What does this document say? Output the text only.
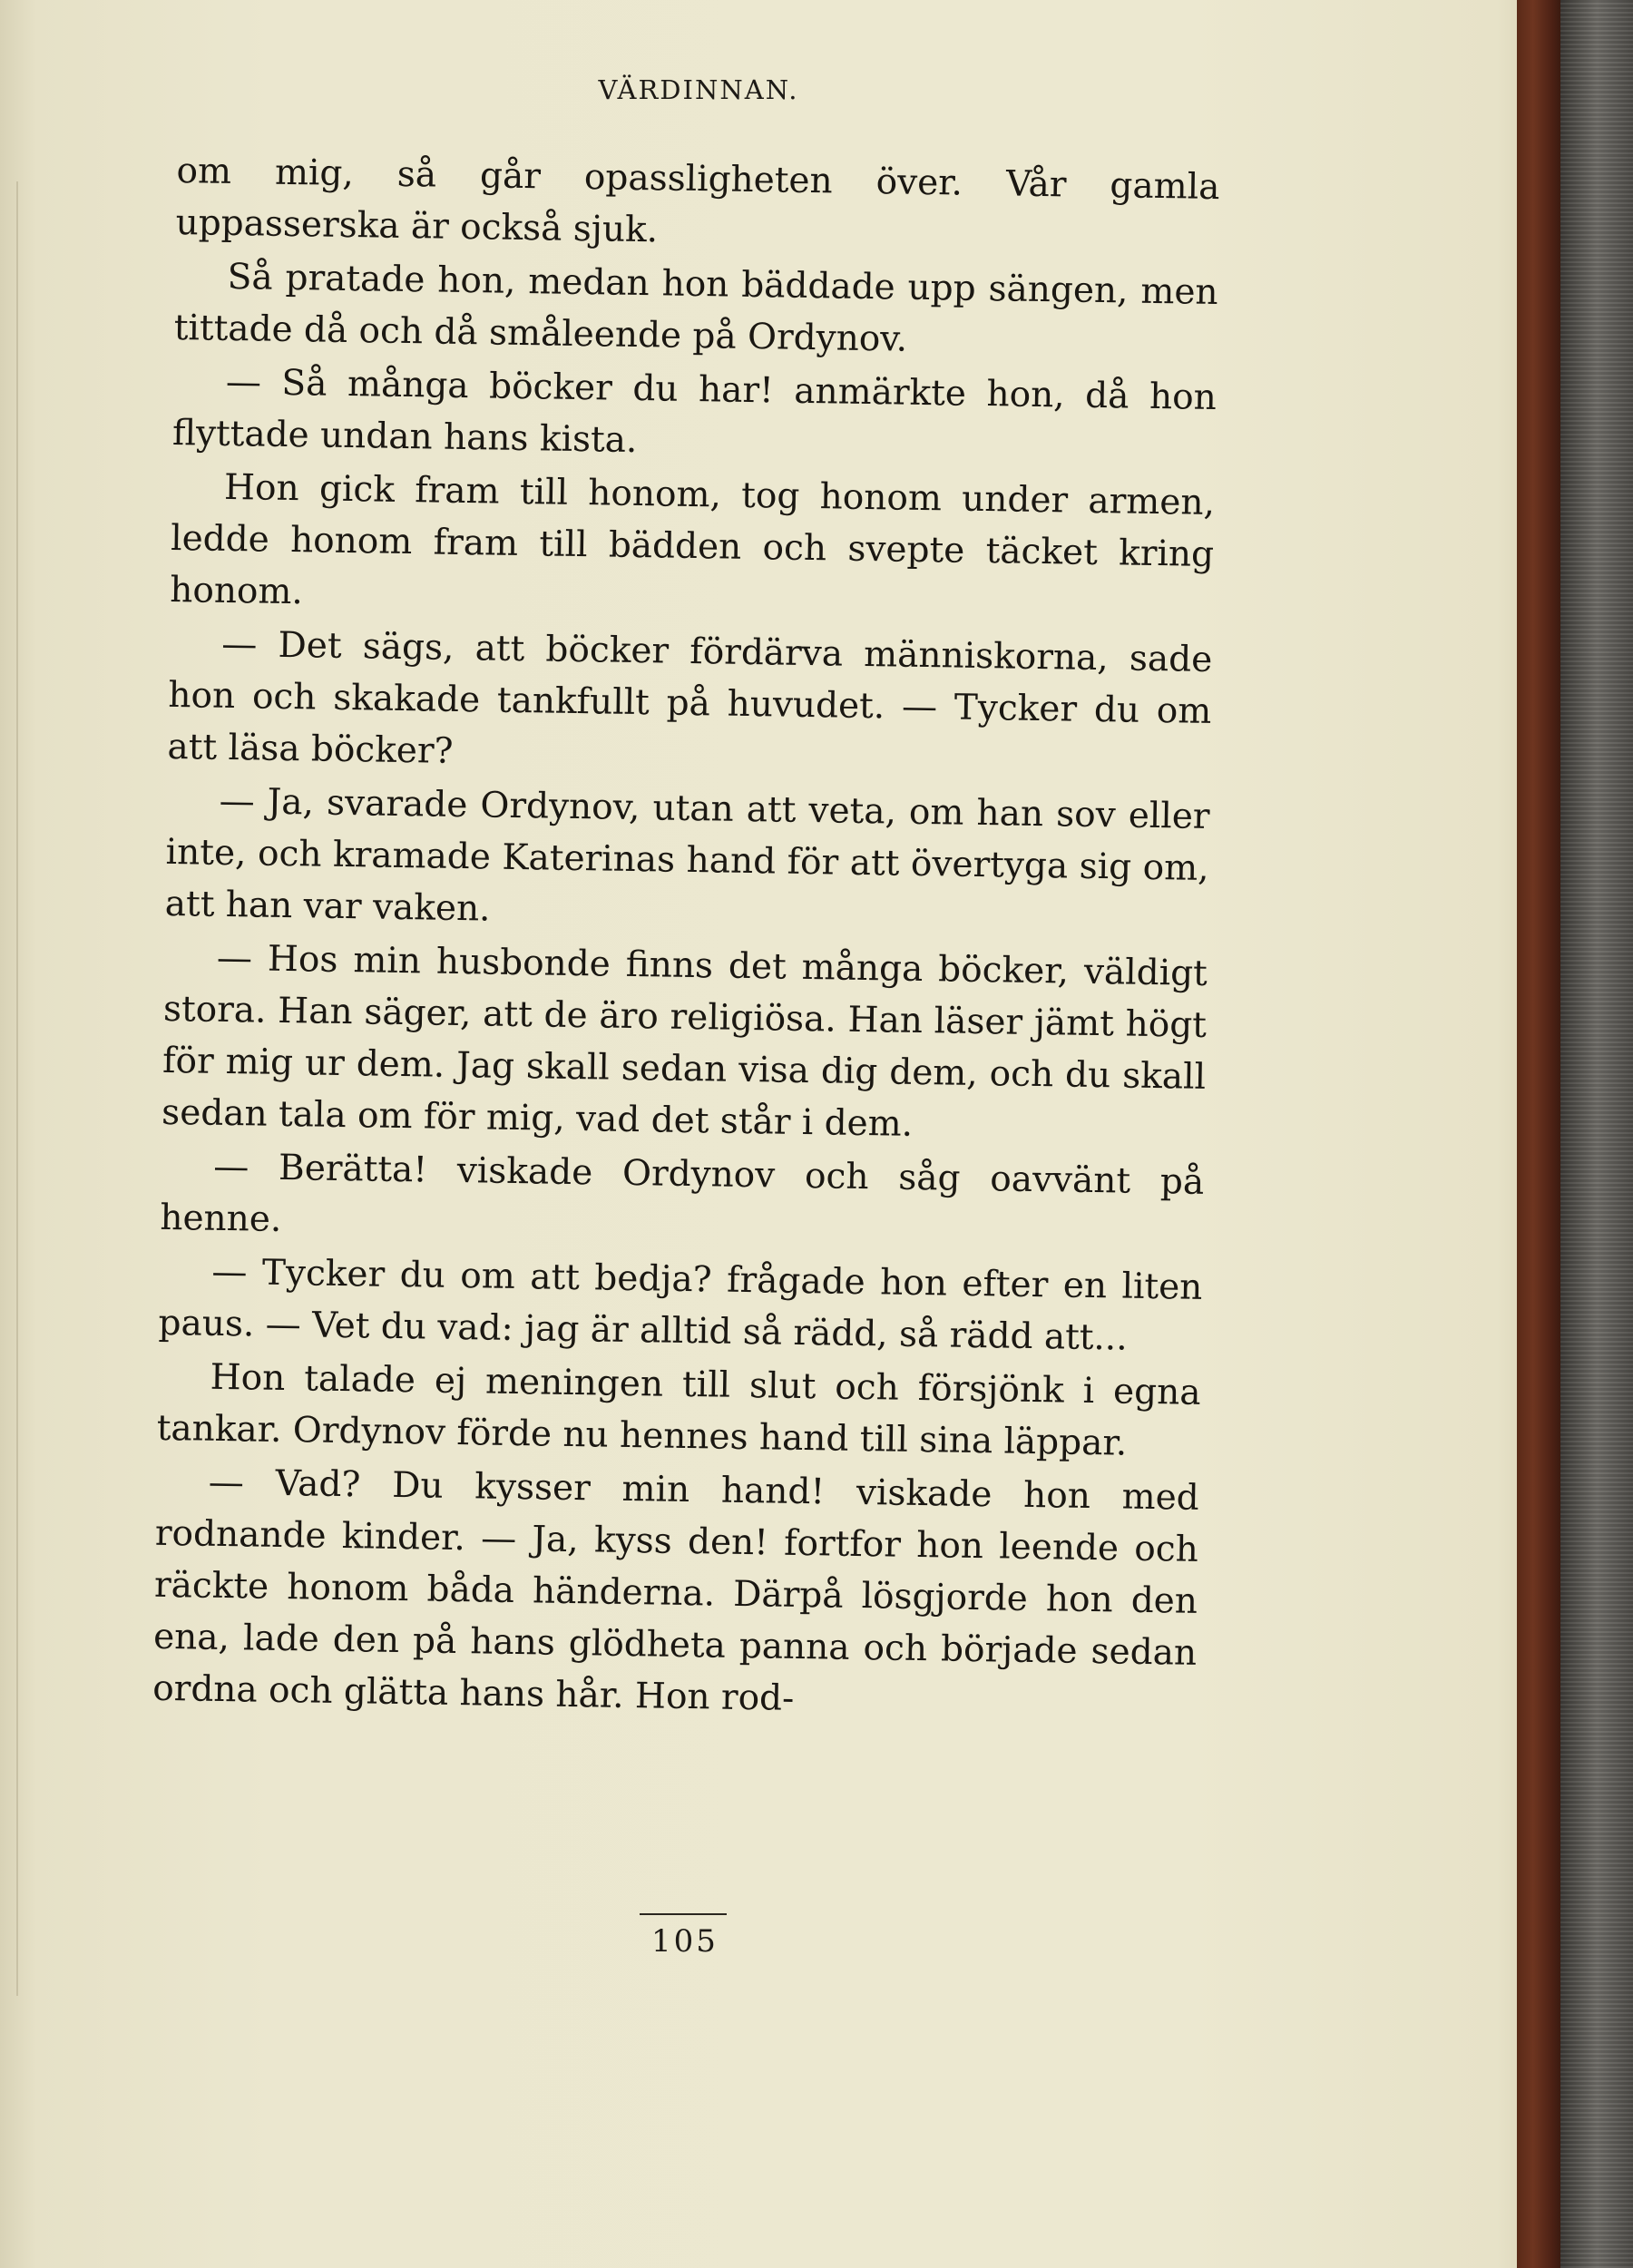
VÄRDINNAN.

om mig, så går opassligheten över. Vår gamla uppasserska är också sjuk.

Så pratade hon, medan hon bäddade upp sängen, men tittade då och då småleende på Ordynov.

— Så många böcker du har! anmärkte hon, då hon flyttade undan hans kista.

Hon gick fram till honom, tog honom under armen, ledde honom fram till bädden och svepte täcket kring honom.

— Det sägs, att böcker fördärva människorna, sade hon och skakade tankfullt på huvudet. — Tycker du om att läsa böcker?

— Ja, svarade Ordynov, utan att veta, om han sov eller inte, och kramade Katerinas hand för att övertyga sig om, att han var vaken.

— Hos min husbonde finns det många böcker, väldigt stora. Han säger, att de äro religiösa. Han läser jämt högt för mig ur dem. Jag skall sedan visa dig dem, och du skall sedan tala om för mig, vad det står i dem.

— Berätta! viskade Ordynov och såg oavvänt på henne.

— Tycker du om att bedja? frågade hon efter en liten paus. — Vet du vad: jag är alltid så rädd, så rädd att...

Hon talade ej meningen till slut och försjönk i egna tankar. Ordynov förde nu hennes hand till sina läppar.

— Vad? Du kysser min hand! viskade hon med rodnande kinder. — Ja, kyss den! fortfor hon leende och räckte honom båda händerna. Därpå lösgjorde hon den ena, lade den på hans glödheta panna och började sedan ordna och glätta hans hår. Hon rod-

105
